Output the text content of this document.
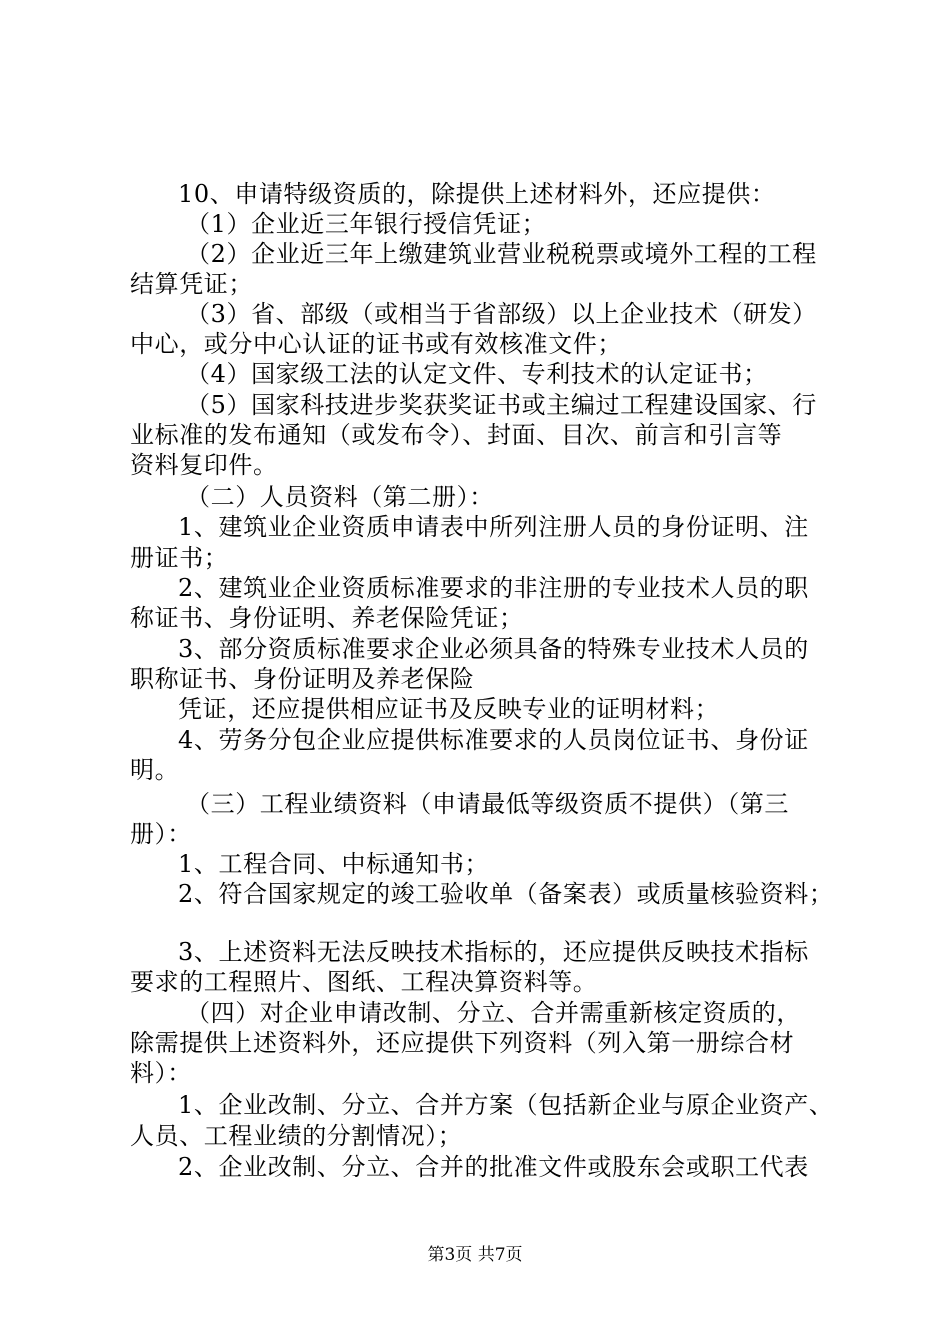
10、申请特级资质的，除提供上述材料外，还应提供：
（1）企业近三年银行授信凭证；
（2）企业近三年上缴建筑业营业税税票或境外工程的工程
结算凭证；
（3）省、部级（或相当于省部级）以上企业技术（研发）
中心，或分中心认证的证书或有效核准文件；
（4）国家级工法的认定文件、专利技术的认定证书；
（5）国家科技进步奖获奖证书或主编过工程建设国家、行
业标准的发布通知（或发布令）、封面、目次、前言和引言等
资料复印件。
（二）人员资料（第二册）：
1、建筑业企业资质申请表中所列注册人员的身份证明、注
册证书；
2、建筑业企业资质标准要求的非注册的专业技术人员的职
称证书、身份证明、养老保险凭证；
3、部分资质标准要求企业必须具备的特殊专业技术人员的
职称证书、身份证明及养老保险
凭证，还应提供相应证书及反映专业的证明材料；
4、劳务分包企业应提供标准要求的人员岗位证书、身份证
明。
（三）工程业绩资料（申请最低等级资质不提供）（第三
册）：
1、工程合同、中标通知书；
2、符合国家规定的竣工验收单（备案表）或质量核验资料；
3、上述资料无法反映技术指标的，还应提供反映技术指标
要求的工程照片、图纸、工程决算资料等。
（四）对企业申请改制、分立、合并需重新核定资质的，
除需提供上述资料外，还应提供下列资料（列入第一册综合材
料）：
1、企业改制、分立、合并方案（包括新企业与原企业资产、
人员、工程业绩的分割情况）；
2、企业改制、分立、合并的批准文件或股东会或职工代表
第3页 共7页
